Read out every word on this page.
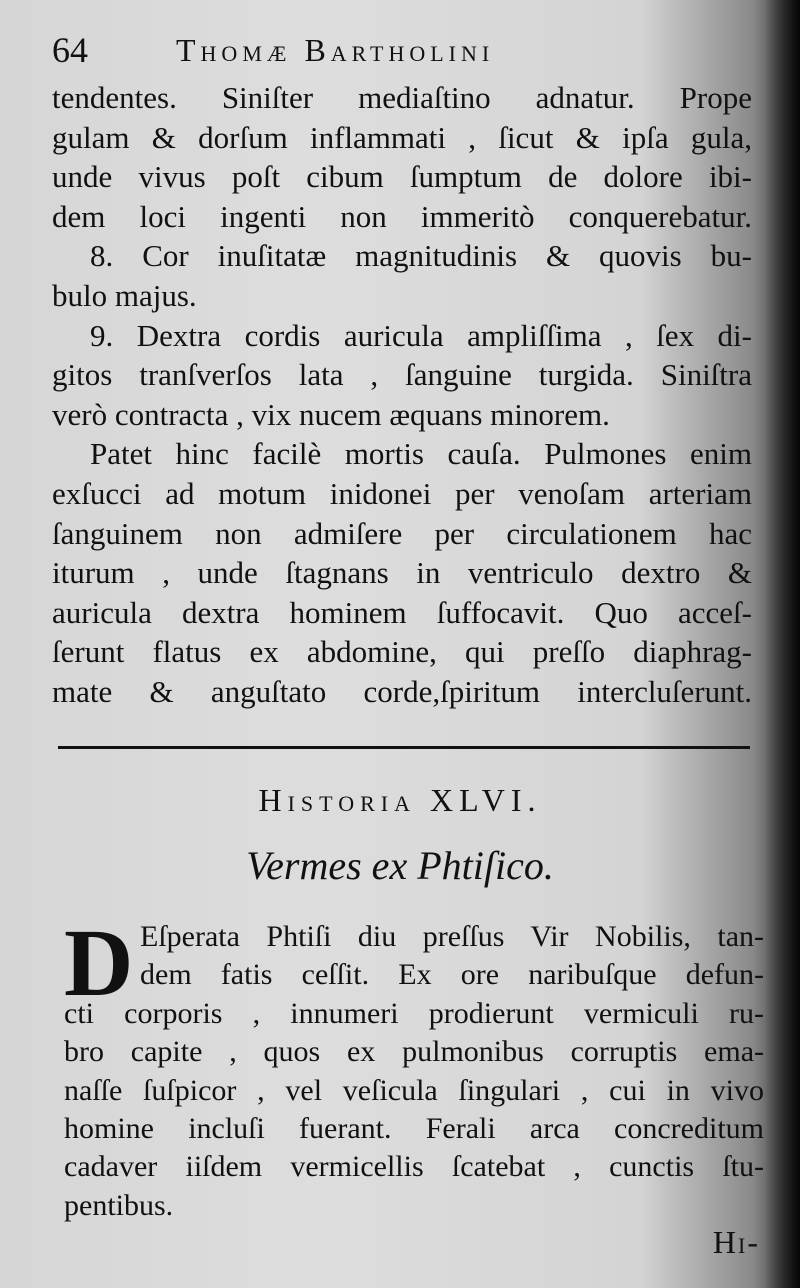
64	Thomæ Bartholini
tendentes. Siniſter mediaſtino adnatur. Prope
gulam & dorſum inflammati , ſicut & ipſa gula,
unde vivus poſt cibum ſumptum de dolore ibi-
dem loci ingenti non immeritò conquerebatur.
8. Cor inuſitatæ magnitudinis & quovis bu-
bulo majus.
9. Dextra cordis auricula ampliſſima , ſex di-
gitos tranſverſos lata , ſanguine turgida. Siniſtra
verò contracta , vix nucem æquans minorem.
Patet hinc facilè mortis cauſa. Pulmones enim
exſucci ad motum inidonei per venoſam arteriam
ſanguinem non admiſere per circulationem hac
iturum , unde ſtagnans in ventriculo dextro &
auricula dextra hominem ſuffocavit. Quo acceſ-
ſerunt flatus ex abdomine, qui preſſo diaphrag-
mate & anguſtato corde,ſpiritum intercluſerunt.
Historia XLVI.
Vermes ex Phtiſico.
D Eſperata Phtiſi diu preſſus Vir Nobilis, tan-
dem fatis ceſſit. Ex ore naribuſque defun-
cti corporis , innumeri prodierunt vermiculi ru-
bro capite , quos ex pulmonibus corruptis ema-
naſſe ſuſpicor , vel veſicula ſingulari , cui in vivo
homine incluſi fuerant. Ferali arca concreditum
cadaver iiſdem vermicellis ſcatebat , cunctis ſtu-
pentibus.
Hi-
